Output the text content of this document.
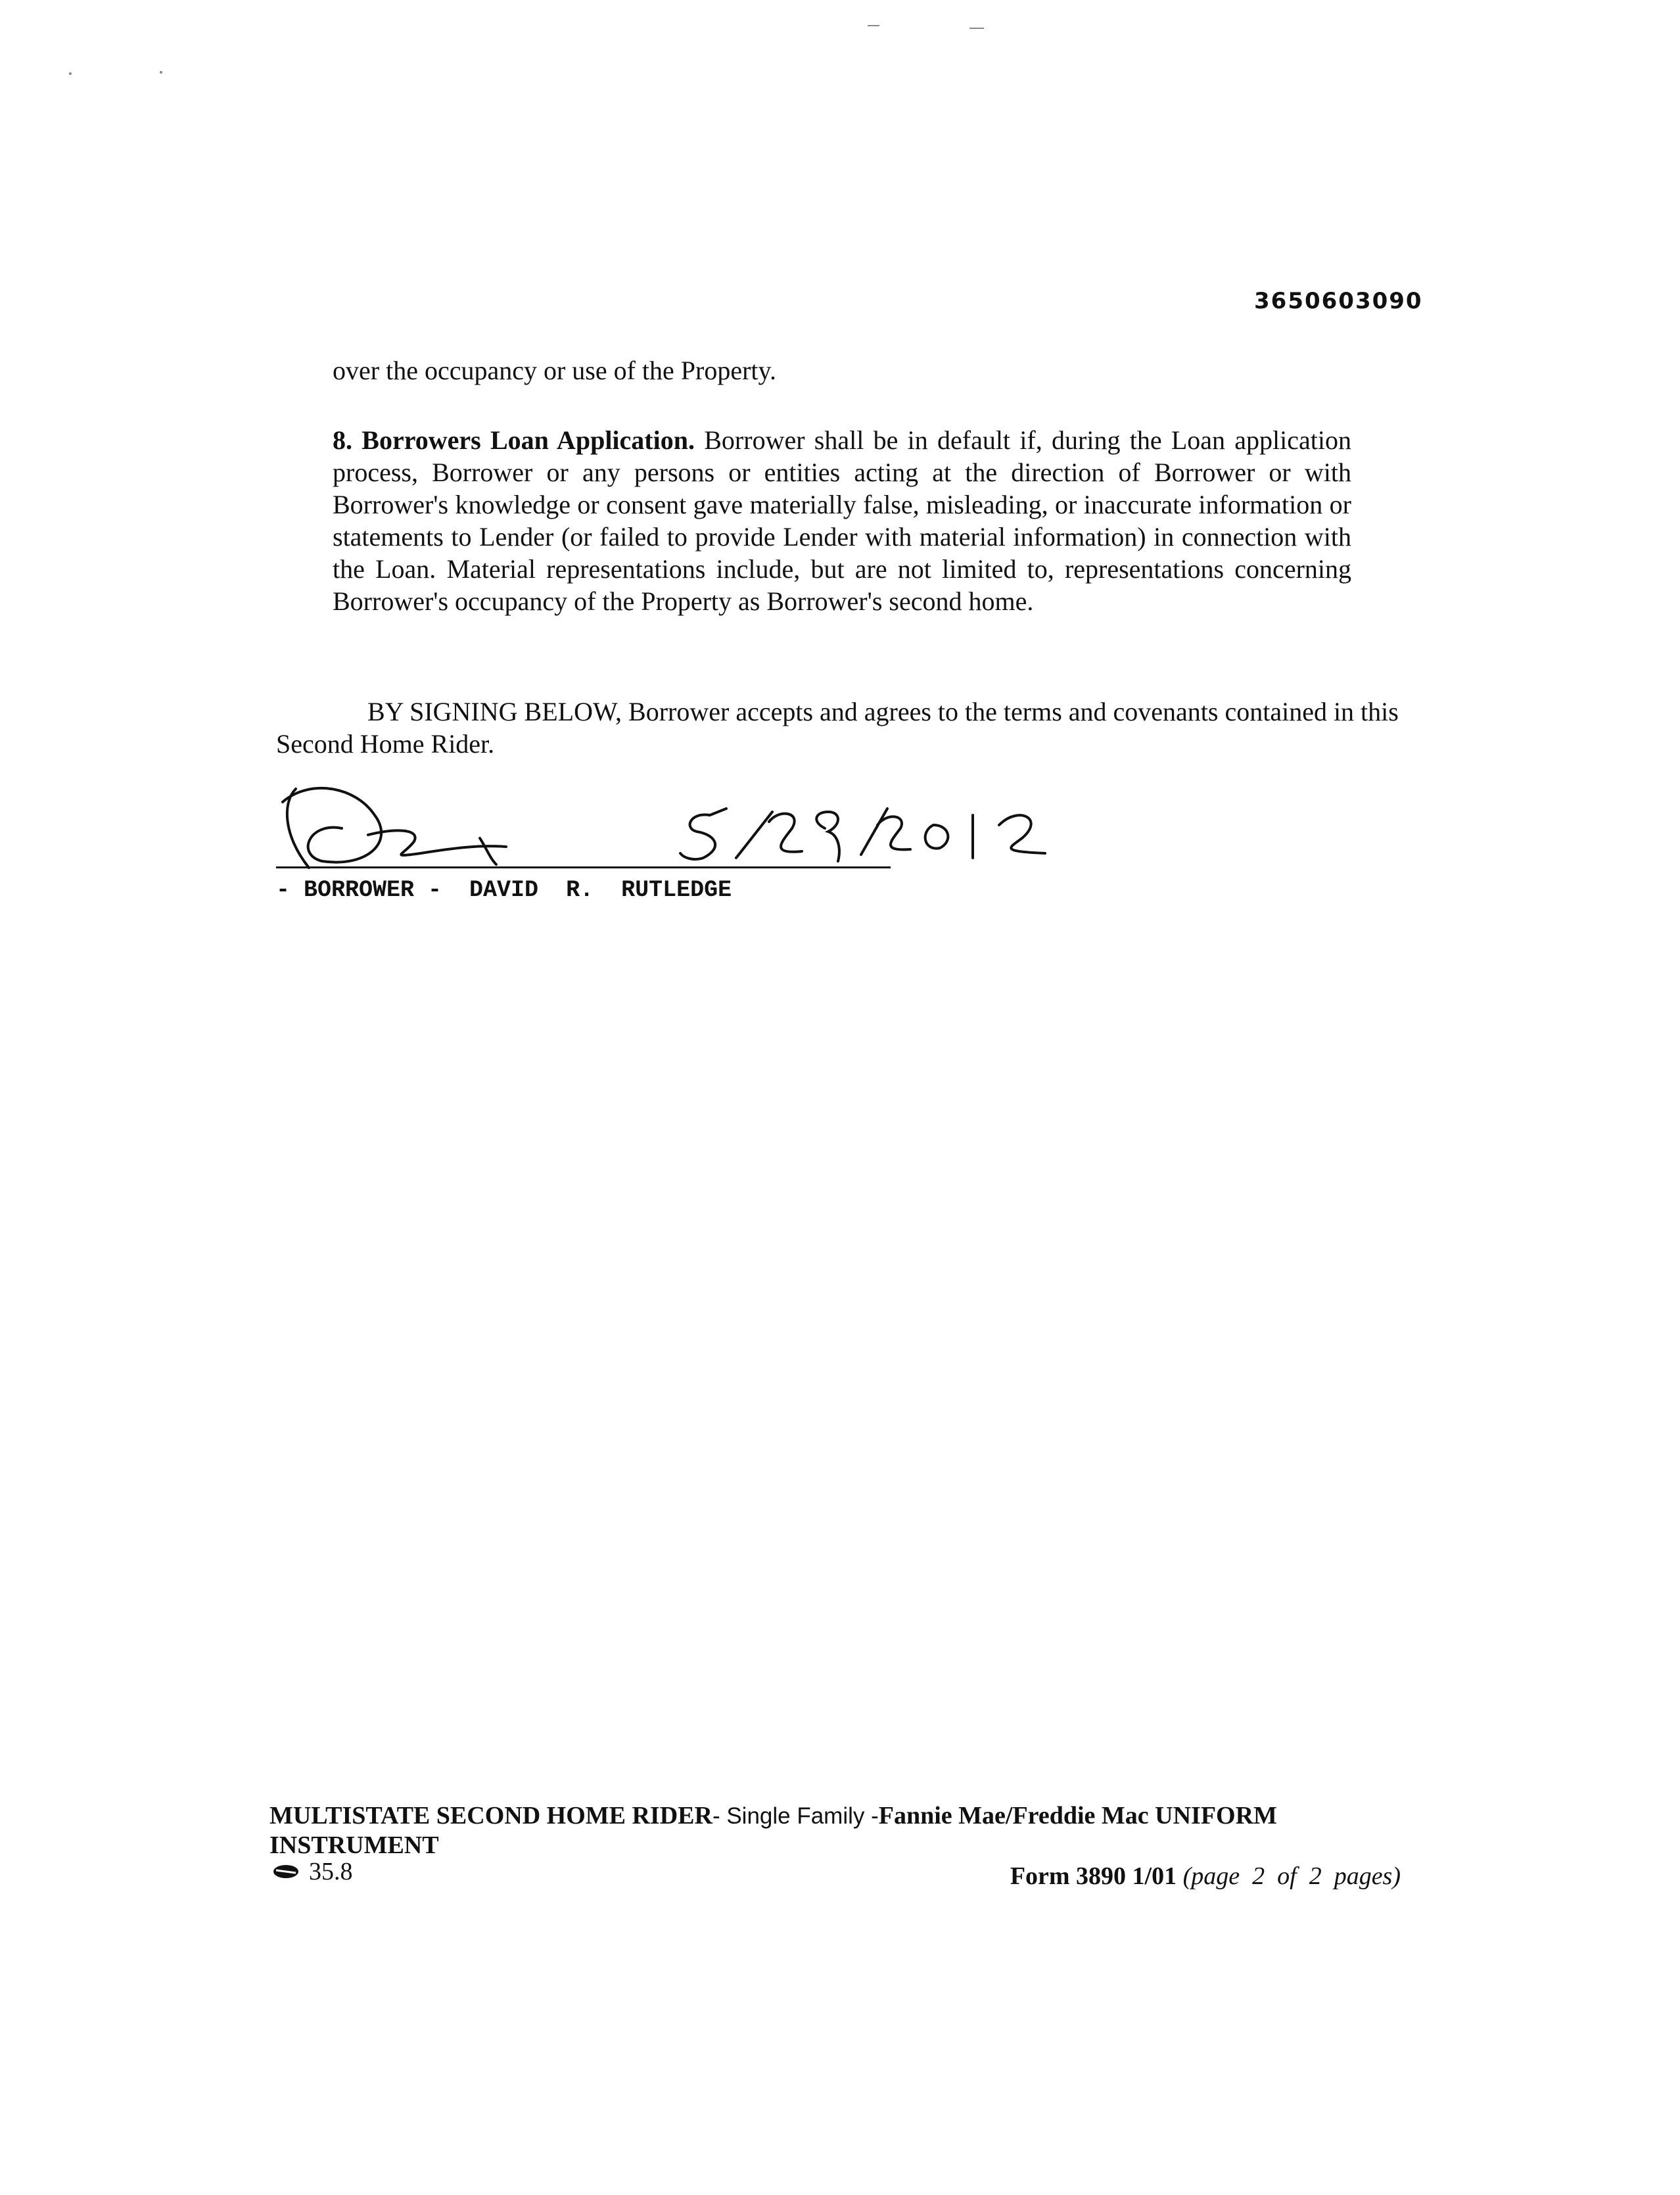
3650603090

over the occupancy or use of the Property.

8. Borrowers Loan Application. Borrower shall be in default if, during the Loan application process, Borrower or any persons or entities acting at the direction of Borrower or with Borrower's knowledge or consent gave materially false, misleading, or inaccurate information or statements to Lender (or failed to provide Lender with material information) in connection with the Loan. Material representations include, but are not limited to, representations concerning Borrower's occupancy of the Property as Borrower's second home.

BY SIGNING BELOW, Borrower accepts and agrees to the terms and covenants contained in this Second Home Rider.

- BORROWER -  DAVID  R.  RUTLEDGE

MULTISTATE SECOND HOME RIDER- Single Family -Fannie Mae/Freddie Mac UNIFORM INSTRUMENT

35.8	Form 3890 1/01 (page  2  of  2  pages)
